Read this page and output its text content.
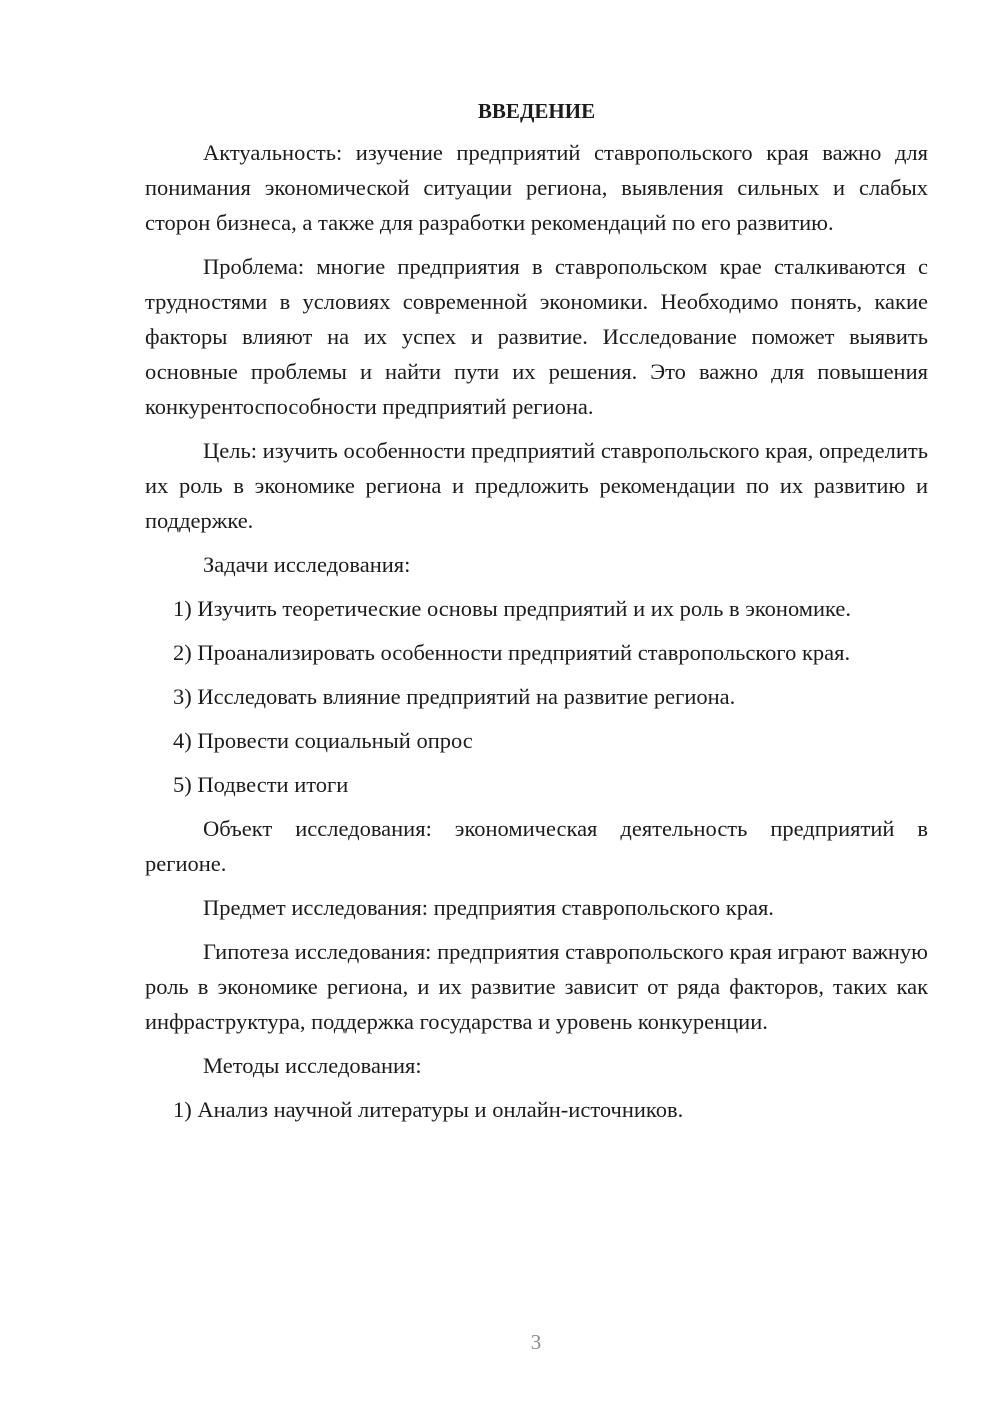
ВВЕДЕНИЕ

Актуальность: изучение предприятий ставропольского края важно для понимания экономической ситуации региона, выявления сильных и слабых сторон бизнеса, а также для разработки рекомендаций по его развитию.

Проблема: многие предприятия в ставропольском крае сталкиваются с трудностями в условиях современной экономики. Необходимо понять, какие факторы влияют на их успех и развитие. Исследование поможет выявить основные проблемы и найти пути их решения. Это важно для повышения конкурентоспособности предприятий региона.

Цель: изучить особенности предприятий ставропольского края, определить их роль в экономике региона и предложить рекомендации по их развитию и поддержке.

Задачи исследования:

1) Изучить теоретические основы предприятий и их роль в экономике.

2) Проанализировать особенности предприятий ставропольского края.

3) Исследовать влияние предприятий на развитие региона.

4) Провести социальный опрос

5) Подвести итоги

Объект исследования: экономическая деятельность предприятий в регионе.

Предмет исследования: предприятия ставропольского края.

Гипотеза исследования: предприятия ставропольского края играют важную роль в экономике региона, и их развитие зависит от ряда факторов, таких как инфраструктура, поддержка государства и уровень конкуренции.

Методы исследования:

1) Анализ научной литературы и онлайн-источников.

3
